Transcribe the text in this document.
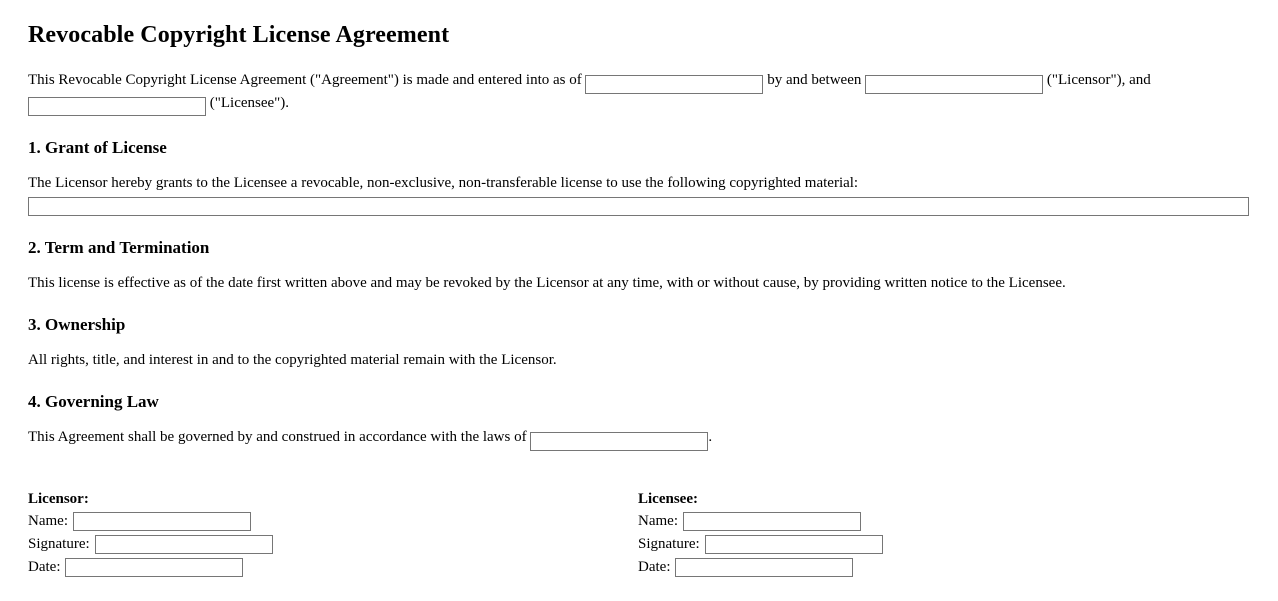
Revocable Copyright License Agreement

This Revocable Copyright License Agreement ("Agreement") is made and entered into as of	by and between	("Licensor"), and
("Licensee").

1. Grant of License

The Licensor hereby grants to the Licensee a revocable, non-exclusive, non-transferable license to use the following copyrighted material:

2. Term and Termination

This license is effective as of the date first written above and may be revoked by the Licensor at any time, with or without cause, by providing written notice to the Licensee.

3. Ownership

All rights, title, and interest in and to the copyrighted material remain with the Licensor.

4. Governing Law

This Agreement shall be governed by and construed in accordance with the laws of	.

Licensor:
Name:
Signature:
Date:
Licensee:
Name:
Signature:
Date:
